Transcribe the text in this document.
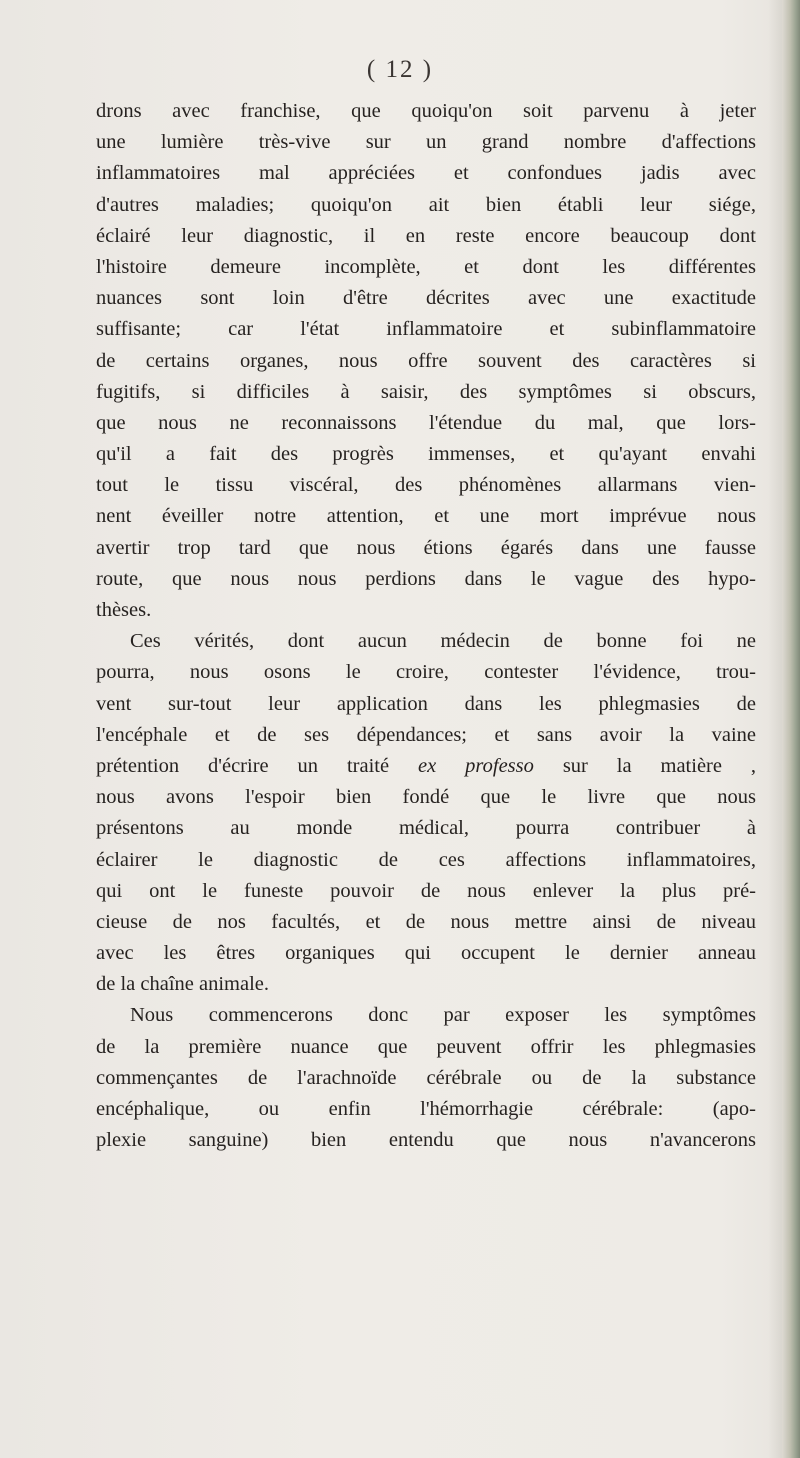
( 12 )
drons avec franchise, que quoiqu'on soit parvenu à jeter
une lumière très-vive sur un grand nombre d'affections
inflammatoires mal appréciées et confondues jadis avec
d'autres maladies; quoiqu'on ait bien établi leur siége,
éclairé leur diagnostic, il en reste encore beaucoup dont
l'histoire demeure incomplète, et dont les différentes
nuances sont loin d'être décrites avec une exactitude
suffisante; car l'état inflammatoire et subinflammatoire
de certains organes, nous offre souvent des caractères si
fugitifs, si difficiles à saisir, des symptômes si obscurs,
que nous ne reconnaissons l'étendue du mal, que lors-
qu'il a fait des progrès immenses, et qu'ayant envahi
tout le tissu viscéral, des phénomènes allarmans vien-
nent éveiller notre attention, et une mort imprévue nous
avertir trop tard que nous étions égarés dans une fausse
route, que nous nous perdions dans le vague des hypo-
thèses.
Ces vérités, dont aucun médecin de bonne foi ne
pourra, nous osons le croire, contester l'évidence, trou-
vent sur-tout leur application dans les phlegmasies de
l'encéphale et de ses dépendances; et sans avoir la vaine
prétention d'écrire un traité ex professo sur la matière ,
nous avons l'espoir bien fondé que le livre que nous
présentons au monde médical, pourra contribuer à
éclairer le diagnostic de ces affections inflammatoires,
qui ont le funeste pouvoir de nous enlever la plus pré-
cieuse de nos facultés, et de nous mettre ainsi de niveau
avec les êtres organiques qui occupent le dernier anneau
de la chaîne animale.
Nous commencerons donc par exposer les symptômes
de la première nuance que peuvent offrir les phlegmasies
commençantes de l'arachnoïde cérébrale ou de la substance
encéphalique, ou enfin l'hémorrhagie cérébrale: (apo-
plexie sanguine) bien entendu que nous n'avancerons
